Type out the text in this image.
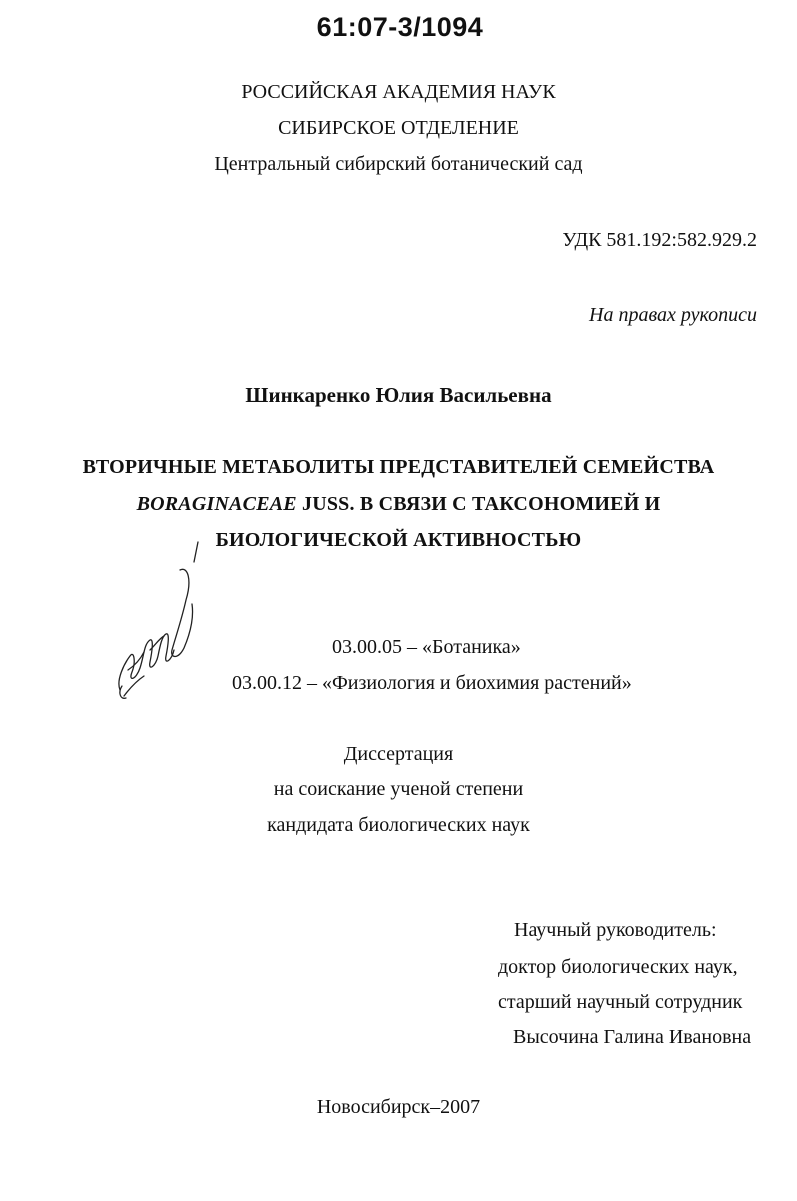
61:07-3/1094
РОССИЙСКАЯ АКАДЕМИЯ НАУК
СИБИРСКОЕ ОТДЕЛЕНИЕ
Центральный сибирский ботанический сад
УДК 581.192:582.929.2
На правах рукописи
Шинкаренко Юлия Васильевна
ВТОРИЧНЫЕ МЕТАБОЛИТЫ ПРЕДСТАВИТЕЛЕЙ СЕМЕЙСТВА
BORAGINACEAE JUSS. В СВЯЗИ С ТАКСОНОМИЕЙ И
БИОЛОГИЧЕСКОЙ АКТИВНОСТЬЮ
03.00.05 – «Ботаника»
03.00.12 – «Физиология и биохимия растений»
Диссертация
на соискание ученой степени
кандидата биологических наук
Научный руководитель:
доктор биологических наук,
старший научный сотрудник
Высочина Галина Ивановна
Новосибирск–2007
